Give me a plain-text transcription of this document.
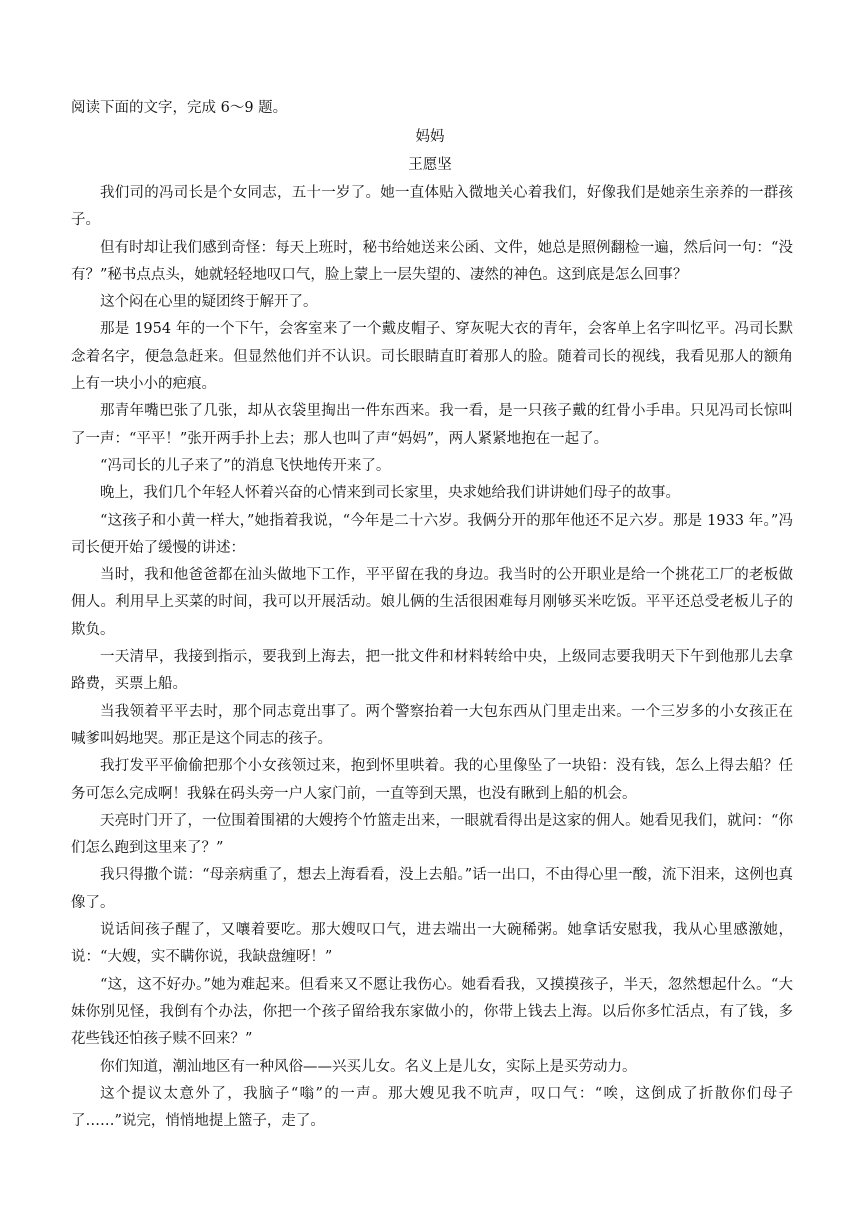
阅读下面的文字，完成 6～9 题。
妈妈
王愿坚

我们司的冯司长是个女同志，五十一岁了。她一直体贴入微地关心着我们，好像我们是她亲生亲养的一群孩子。

但有时却让我们感到奇怪：每天上班时，秘书给她送来公函、文件，她总是照例翻检一遍，然后问一句：“没有？”秘书点点头，她就轻轻地叹口气，脸上蒙上一层失望的、凄然的神色。这到底是怎么回事？

这个闷在心里的疑团终于解开了。

那是 1954 年的一个下午，会客室来了一个戴皮帽子、穿灰呢大衣的青年，会客单上名字叫忆平。冯司长默念着名字，便急急赶来。但显然他们并不认识。司长眼睛直盯着那人的脸。随着司长的视线，我看见那人的额角上有一块小小的疤痕。

那青年嘴巴张了几张，却从衣袋里掏出一件东西来。我一看，是一只孩子戴的红骨小手串。只见冯司长惊叫了一声：“平平！”张开两手扑上去；那人也叫了声“妈妈”，两人紧紧地抱在一起了。

“冯司长的儿子来了”的消息飞快地传开来了。

晚上，我们几个年轻人怀着兴奋的心情来到司长家里，央求她给我们讲讲她们母子的故事。

“这孩子和小黄一样大，”她指着我说，“今年是二十六岁。我俩分开的那年他还不足六岁。那是 1933 年。”冯司长便开始了缓慢的讲述：

当时，我和他爸爸都在汕头做地下工作，平平留在我的身边。我当时的公开职业是给一个挑花工厂的老板做佣人。利用早上买菜的时间，我可以开展活动。娘儿俩的生活很困难每月刚够买米吃饭。平平还总受老板儿子的欺负。

一天清早，我接到指示，要我到上海去，把一批文件和材料转给中央，上级同志要我明天下午到他那儿去拿路费，买票上船。

当我领着平平去时，那个同志竟出事了。两个警察抬着一大包东西从门里走出来。一个三岁多的小女孩正在喊爹叫妈地哭。那正是这个同志的孩子。

我打发平平偷偷把那个小女孩领过来，抱到怀里哄着。我的心里像坠了一块铅：没有钱，怎么上得去船？任务可怎么完成啊！我躲在码头旁一户人家门前，一直等到天黑，也没有瞅到上船的机会。

天亮时门开了，一位围着围裙的大嫂挎个竹篮走出来，一眼就看得出是这家的佣人。她看见我们，就问：“你们怎么跑到这里来了？”

我只得撒个谎：“母亲病重了，想去上海看看，没上去船。”话一出口，不由得心里一酸，流下泪来，这例也真像了。

说话间孩子醒了，又嚷着要吃。那大嫂叹口气，进去端出一大碗稀粥。她拿话安慰我，我从心里感激她，说：“大嫂，实不瞒你说，我缺盘缠呀！”

“这，这不好办。”她为难起来。但看来又不愿让我伤心。她看看我，又摸摸孩子，半天，忽然想起什么。“大妹你别见怪，我倒有个办法，你把一个孩子留给我东家做小的，你带上钱去上海。以后你多忙活点，有了钱，多花些钱还怕孩子赎不回来？”

你们知道，潮汕地区有一种风俗——兴买儿女。名义上是儿女，实际上是买劳动力。

这个提议太意外了，我脑子“嗡”的一声。那大嫂见我不吭声，叹口气：“唉，这倒成了折散你们母子了……”说完，悄悄地提上篮子，走了。
